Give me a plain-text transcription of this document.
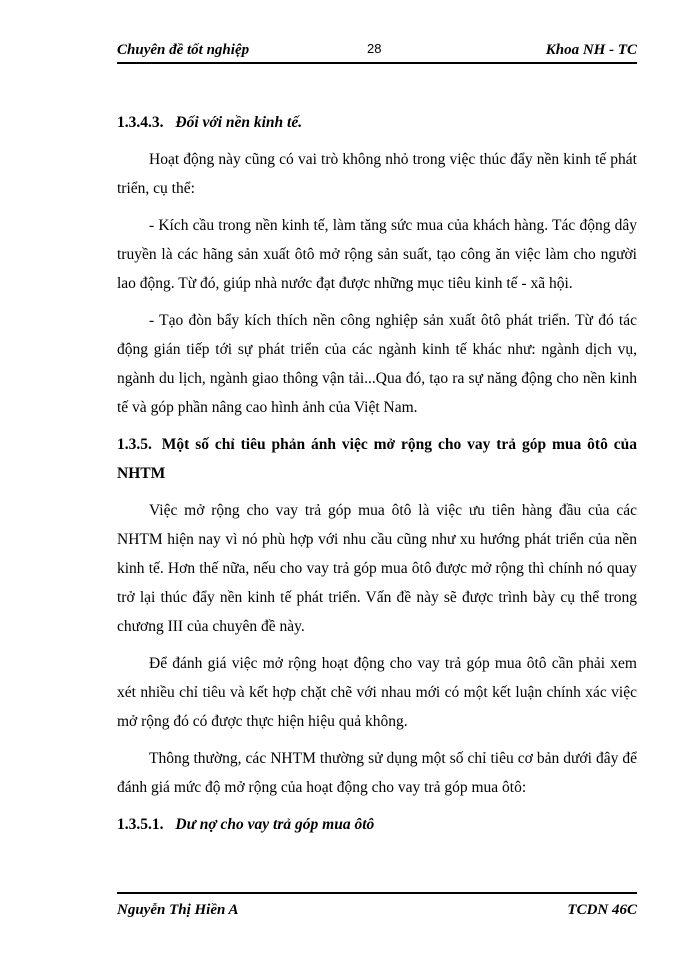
Chuyên đề tốt nghiệp	28	Khoa NH - TC

1.3.4.3. Đối với nền kinh tế.

Hoạt động này cũng có vai trò không nhỏ trong việc thúc đẩy nền kinh tế phát triển, cụ thể:

- Kích cầu trong nền kinh tế, làm tăng sức mua của khách hàng. Tác động dây truyền là các hãng sản xuất ôtô mở rộng sản suất, tạo công ăn việc làm cho người lao động. Từ đó, giúp nhà nước đạt được những mục tiêu kinh tế - xã hội.

- Tạo đòn bẩy kích thích nền công nghiệp sản xuất ôtô phát triển. Từ đó tác động gián tiếp tới sự phát triển của các ngành kinh tế khác như: ngành dịch vụ, ngành du lịch, ngành giao thông vận tải...Qua đó, tạo ra sự năng động cho nền kinh tế và góp phần nâng cao hình ảnh của Việt Nam.

1.3.5. Một số chỉ tiêu phản ánh việc mở rộng cho vay trả góp mua ôtô của NHTM

Việc mở rộng cho vay trả góp mua ôtô là việc ưu tiên hàng đầu của các NHTM hiện nay vì nó phù hợp với nhu cầu cũng như xu hướng phát triển của nền kinh tế. Hơn thế nữa, nếu cho vay trả góp mua ôtô được mở rộng thì chính nó quay trở lại thúc đẩy nền kinh tế phát triển. Vấn đề này sẽ được trình bày cụ thể trong chương III của chuyên đề này.

Để đánh giá việc mở rộng hoạt động cho vay trả góp mua ôtô cần phải xem xét nhiều chỉ tiêu và kết hợp chặt chẽ với nhau mới có một kết luận chính xác việc mở rộng đó có được thực hiện hiệu quả không.

Thông thường, các NHTM thường sử dụng một số chỉ tiêu cơ bản dưới đây để đánh giá mức độ mở rộng của hoạt động cho vay trả góp mua ôtô:

1.3.5.1. Dư nợ cho vay trả góp mua ôtô

Nguyễn Thị Hiền A	TCDN 46C
